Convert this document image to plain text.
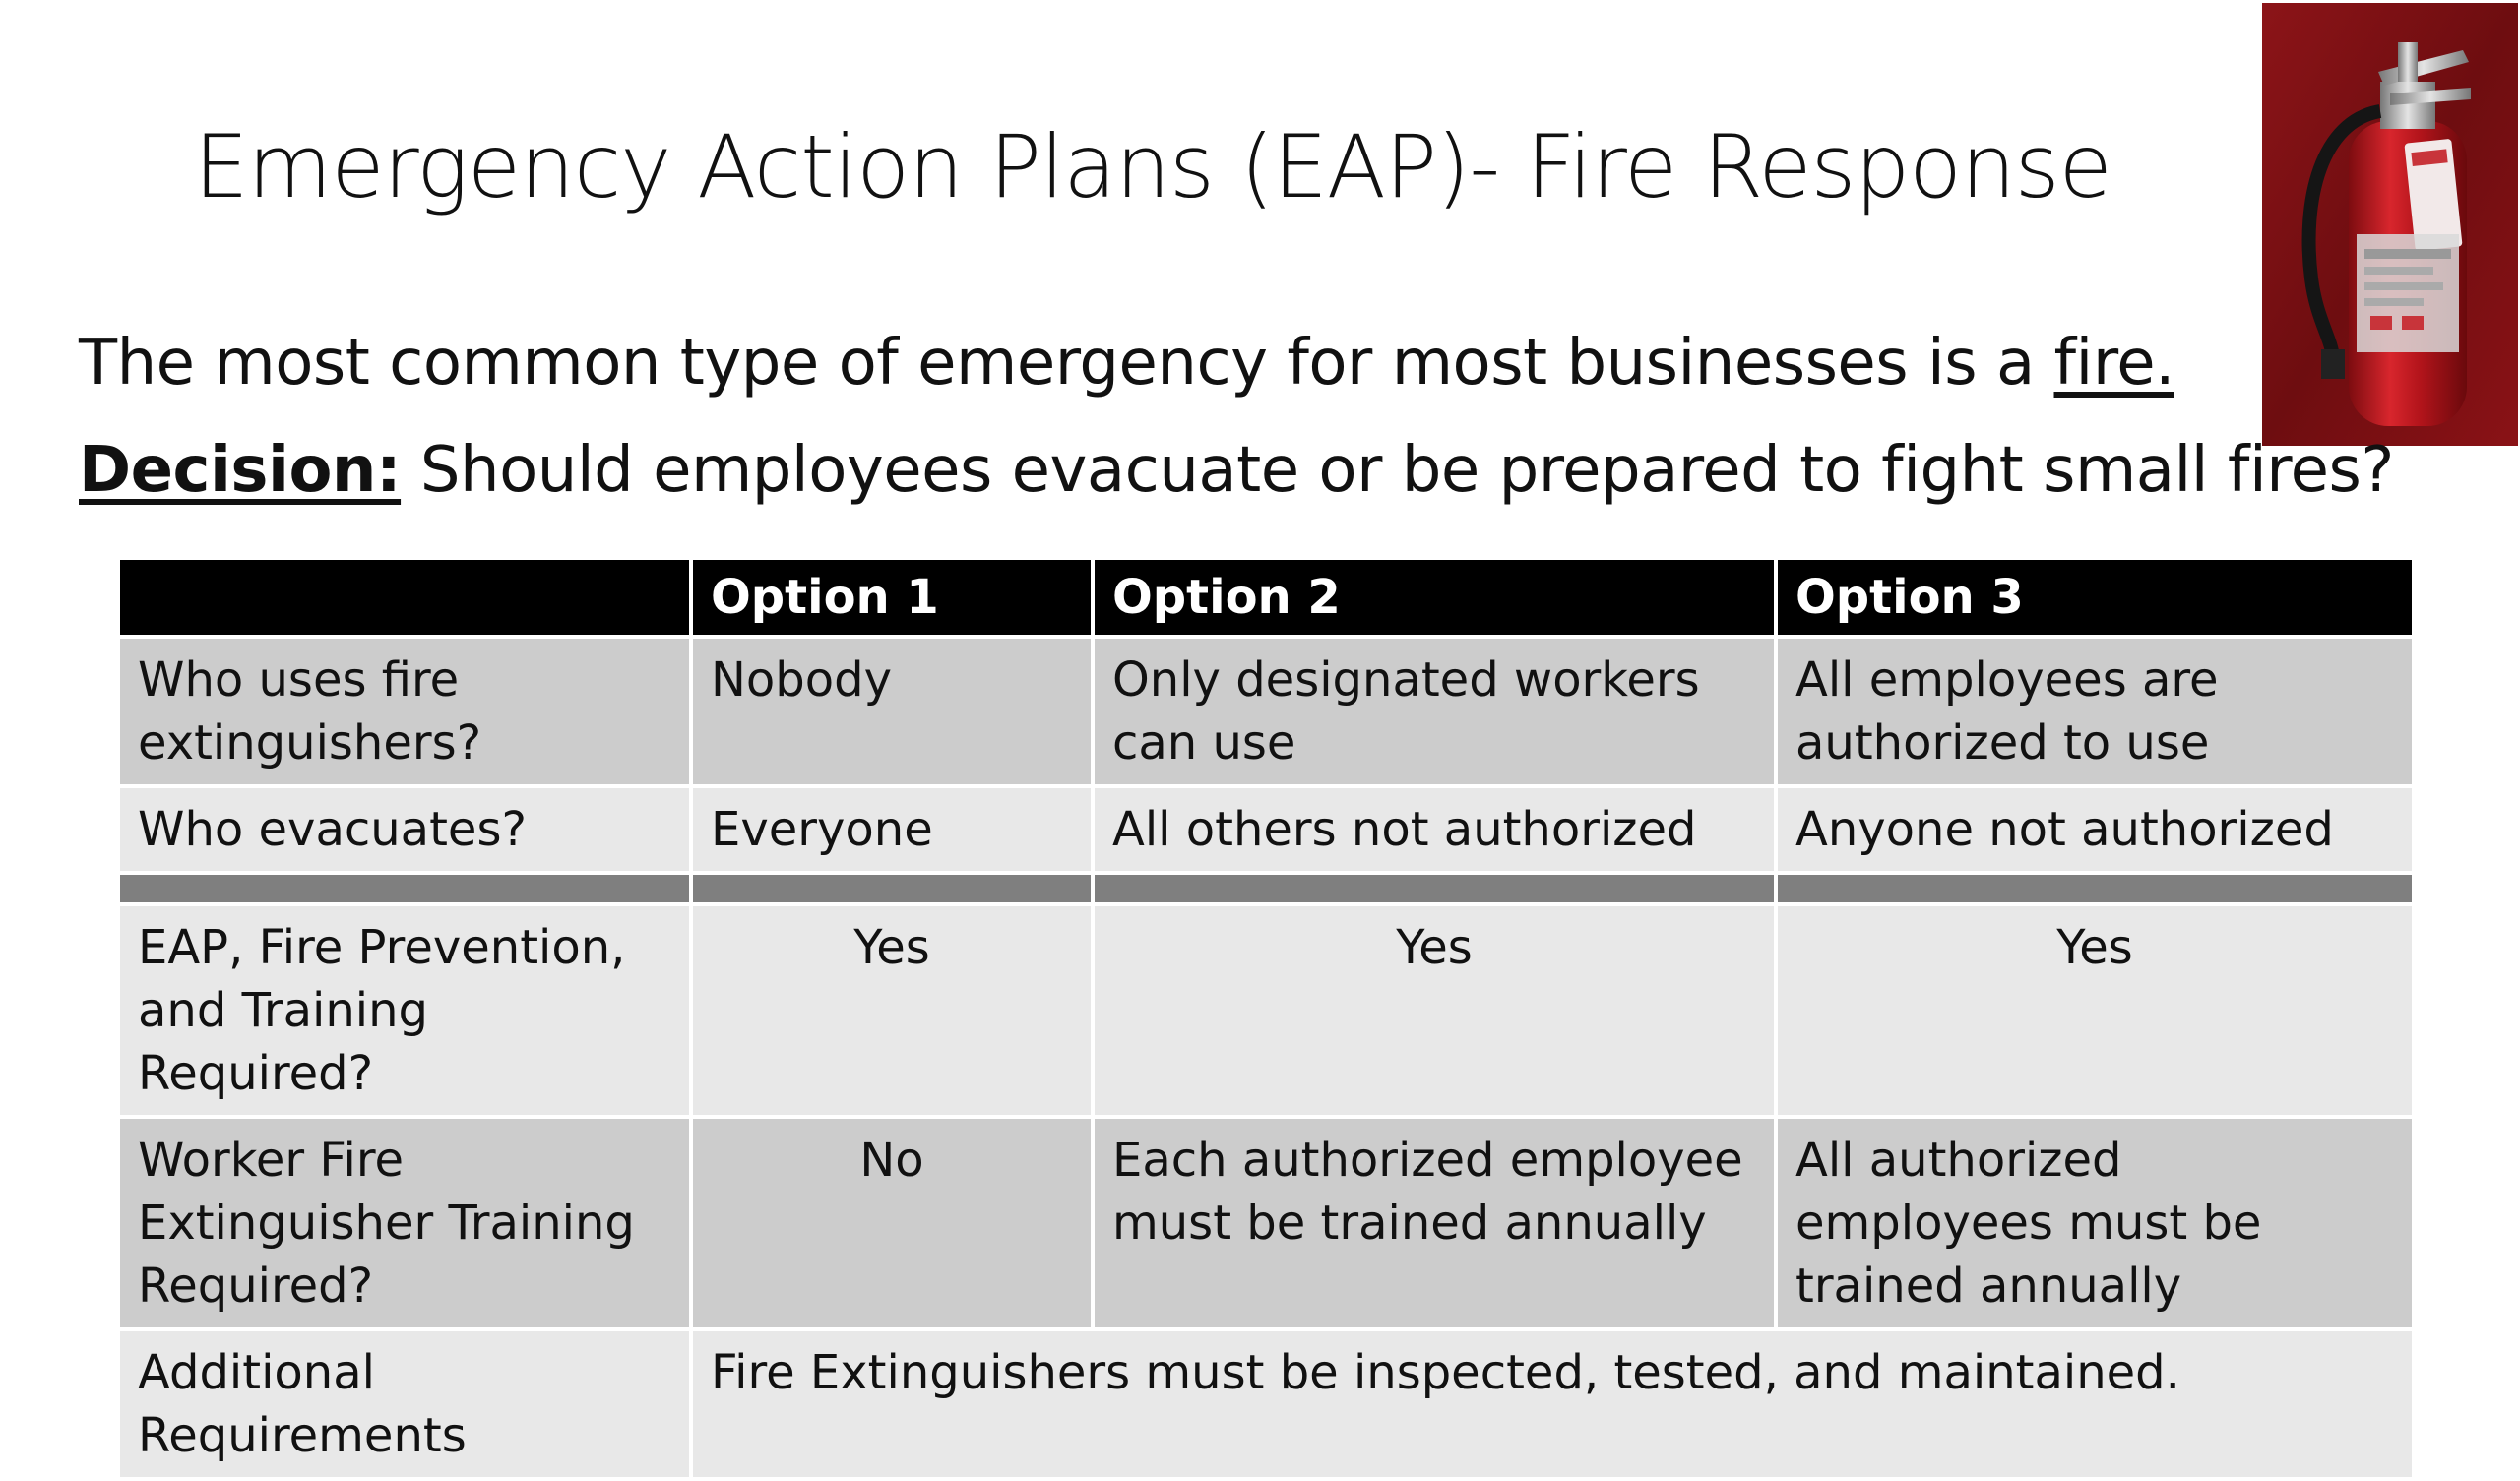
Emergency Action Plans (EAP)- Fire Response
The most common type of emergency for most businesses is a fire.
Decision: Should employees evacuate or be prepared to fight small fires?
	Option 1	Option 2	Option 3
Who uses fire extinguishers?	Nobody	Only designated workers can use	All employees are authorized to use
Who evacuates?	Everyone	All others not authorized	Anyone not authorized

EAP, Fire Prevention, and Training Required?	Yes	Yes	Yes
Worker Fire Extinguisher Training Required?	No	Each authorized employee must be trained annually	All authorized employees must be trained annually
Additional Requirements	Fire Extinguishers must be inspected, tested, and maintained.		
